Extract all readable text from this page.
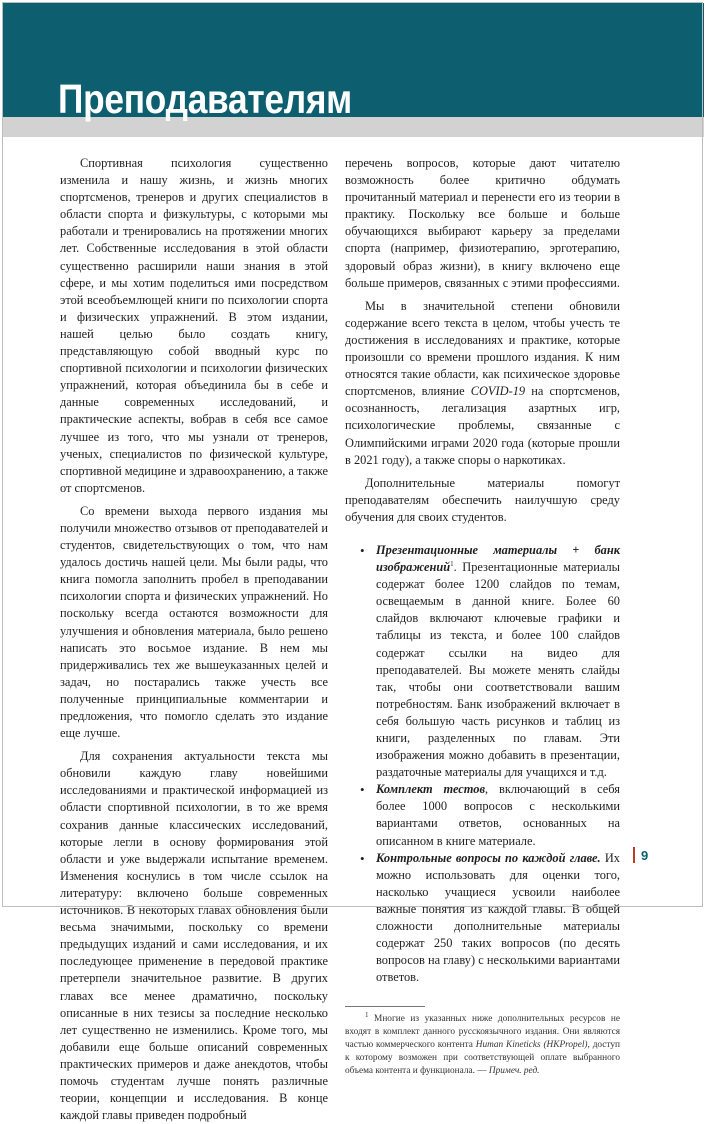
Преподавателям

Спортивная психология существенно изменила и нашу жизнь, и жизнь многих спортсменов, тренеров и других специалистов в области спорта и физкультуры, с которыми мы работали и тренировались на протяжении многих лет. Собственные исследования в этой области существенно расширили наши знания в этой сфере, и мы хотим поделиться ими посредством этой всеобъемлющей книги по психологии спорта и физических упражнений. В этом издании, нашей целью было создать книгу, представляющую собой вводный курс по спортивной психологии и психологии физических упражнений, которая объединила бы в себе и данные современных исследований, и практические аспекты, вобрав в себя все самое лучшее из того, что мы узнали от тренеров, ученых, специалистов по физической культуре, спортивной медицине и здравоохранению, а также от спортсменов.

Со времени выхода первого издания мы получили множество отзывов от преподавателей и студентов, свидетельствующих о том, что нам удалось достичь нашей цели. Мы были рады, что книга помогла заполнить пробел в преподавании психологии спорта и физических упражнений. Но поскольку всегда остаются возможности для улучшения и обновления материала, было решено написать это восьмое издание. В нем мы придерживались тех же вышеуказанных целей и задач, но постарались также учесть все полученные принципиальные комментарии и предложения, что помогло сделать это издание еще лучше.

Для сохранения актуальности текста мы обновили каждую главу новейшими исследованиями и практической информацией из области спортивной психологии, в то же время сохранив данные классических исследований, которые легли в основу формирования этой области и уже выдержали испытание временем. Изменения коснулись в том числе ссылок на литературу: включено больше современных источников. В некоторых главах обновления были весьма значимыми, поскольку со времени предыдущих изданий и сами исследования, и их последующее применение в передовой практике претерпели значительное развитие. В других главах все менее драматично, поскольку описанные в них тезисы за последние несколько лет существенно не изменились. Кроме того, мы добавили еще больше описаний современных практических примеров и даже анекдотов, чтобы помочь студентам лучше понять различные теории, концепции и исследования. В конце каждой главы приведен подробный

перечень вопросов, которые дают читателю возможность более критично обдумать прочитанный материал и перенести его из теории в практику. Поскольку все больше и больше обучающихся выбирают карьеру за пределами спорта (например, физиотерапию, эрготерапию, здоровый образ жизни), в книгу включено еще больше примеров, связанных с этими профессиями.

Мы в значительной степени обновили содержание всего текста в целом, чтобы учесть те достижения в исследованиях и практике, которые произошли со времени прошлого издания. К ним относятся такие области, как психическое здоровье спортсменов, влияние COVID-19 на спортсменов, осознанность, легализация азартных игр, психологические проблемы, связанные с Олимпийскими играми 2020 года (которые прошли в 2021 году), а также споры о наркотиках.

Дополнительные материалы помогут преподавателям обеспечить наилучшую среду обучения для своих студентов.

• Презентационные материалы + банк изображений$^1$. Презентационные материалы содержат более 1200 слайдов по темам, освещаемым в данной книге. Более 60 слайдов включают ключевые графики и таблицы из текста, и более 100 слайдов содержат ссылки на видео для преподавателей. Вы можете менять слайды так, чтобы они соответствовали вашим потребностям. Банк изображений включает в себя большую часть рисунков и таблиц из книги, разделенных по главам. Эти изображения можно добавить в презентации, раздаточные материалы для учащихся и т.д.
• Комплект тестов, включающий в себя более 1000 вопросов с несколькими вариантами ответов, основанных на описанном в книге материале.
• Контрольные вопросы по каждой главе. Их можно использовать для оценки того, насколько учащиеся усвоили наиболее важные понятия из каждой главы. В общей сложности дополнительные материалы содержат 250 таких вопросов (по десять вопросов на главу) с несколькими вариантами ответов.

$^1$ Многие из указанных ниже дополнительных ресурсов не входят в комплект данного русскоязычного издания. Они являются частью коммерческого контента Human Kineticks (HKPropel), доступ к которому возможен при соответствующей оплате выбранного объема контента и функционала. — Примеч. ред.

9
